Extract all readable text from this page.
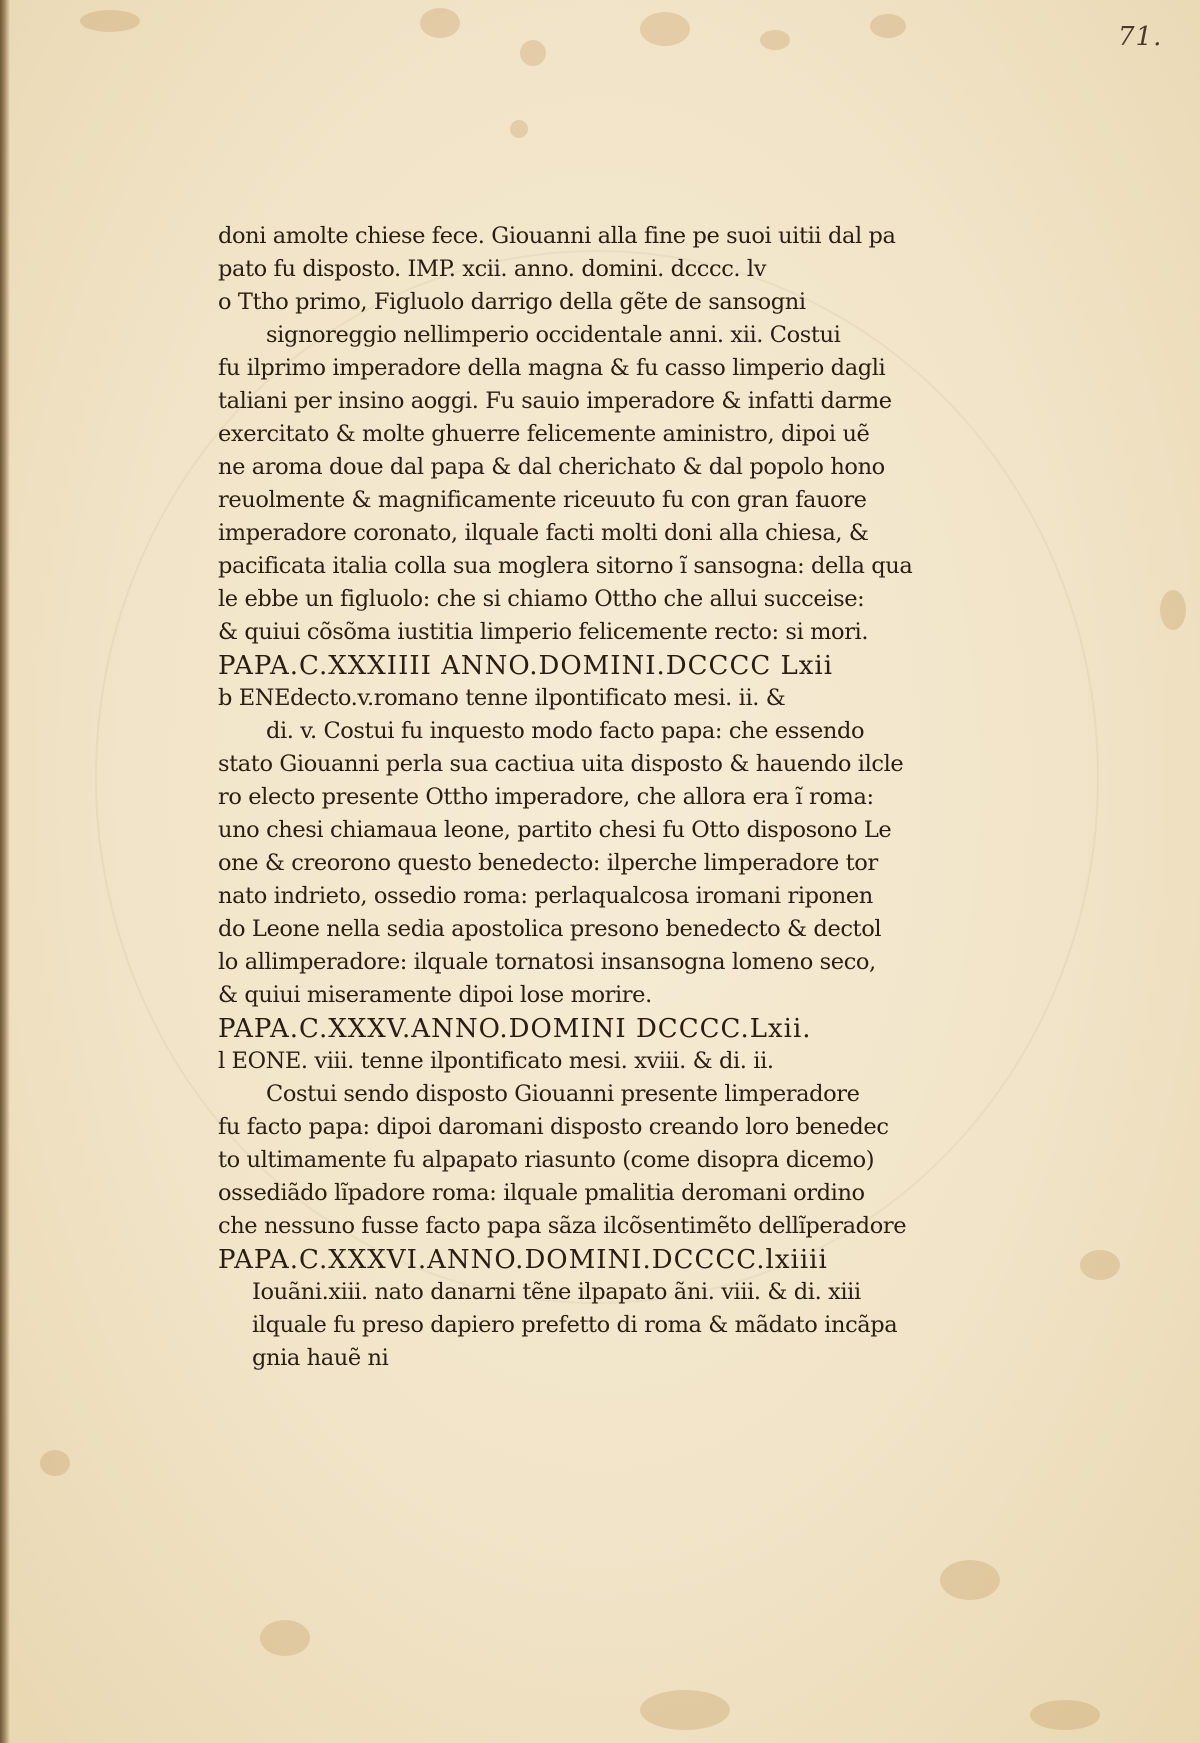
71.
doni amolte chiese fece. Giouanni alla fine pe suoi uitii dal pa
pato fu disposto. IMP. xcii. anno. domini. dcccc. lv
o Ttho primo, Figluolo darrigo della gẽte de sansogni
signoreggio nellimperio occidentale anni. xii. Costui
fu ilprimo imperadore della magna & fu casso limperio dagli
taliani per insino aoggi. Fu sauio imperadore & infatti darme
exercitato & molte ghuerre felicemente aministro, dipoi uẽ
ne aroma doue dal papa & dal cherichato & dal popolo hono
reuolmente & magnificamente riceuuto fu con gran fauore
imperadore coronato, ilquale facti molti doni alla chiesa, &
pacificata italia colla sua moglera sitorno ĩ sansogna: della qua
le ebbe un figluolo: che si chiamo Ottho che allui succeise:
& quiui cõsõma iustitia limperio felicemente recto: si mori.
PAPA.C.XXXIIII ANNO.DOMINI.DCCCC Lxii
b ENEdecto.v.romano tenne ilpontificato mesi. ii. &
di. v. Costui fu inquesto modo facto papa: che essendo
stato Giouanni perla sua cactiua uita disposto & hauendo ilcle
ro electo presente Ottho imperadore, che allora era ĩ roma:
uno chesi chiamaua leone, partito chesi fu Otto disposono Le
one & creorono questo benedecto: ilperche limperadore tor
nato indrieto, ossedio roma: perlaqualcosa iromani riponen
do Leone nella sedia apostolica presono benedecto & dectol
lo allimperadore: ilquale tornatosi insansogna lomeno seco,
& quiui miseramente dipoi lose morire.
PAPA.C.XXXV.ANNO.DOMINI DCCCC.Lxii.
l EONE. viii. tenne ilpontificato mesi. xviii. & di. ii.
Costui sendo disposto Giouanni presente limperadore
fu facto papa: dipoi daromani disposto creando loro benedec
to ultimamente fu alpapato riasunto (come disopra dicemo)
ossediãdo lĩpadore roma: ilquale pmalitia deromani ordino
che nessuno fusse facto papa sãza ilcõsentimẽto dellĩperadore
PAPA.C.XXXVI.ANNO.DOMINI.DCCCC.lxiiii
Iouãni.xiii. nato danarni tẽne ilpapato ãni. viii. & di. xiii
ilquale fu preso dapiero prefetto di roma & mãdato incãpa
gnia hauẽ ni
